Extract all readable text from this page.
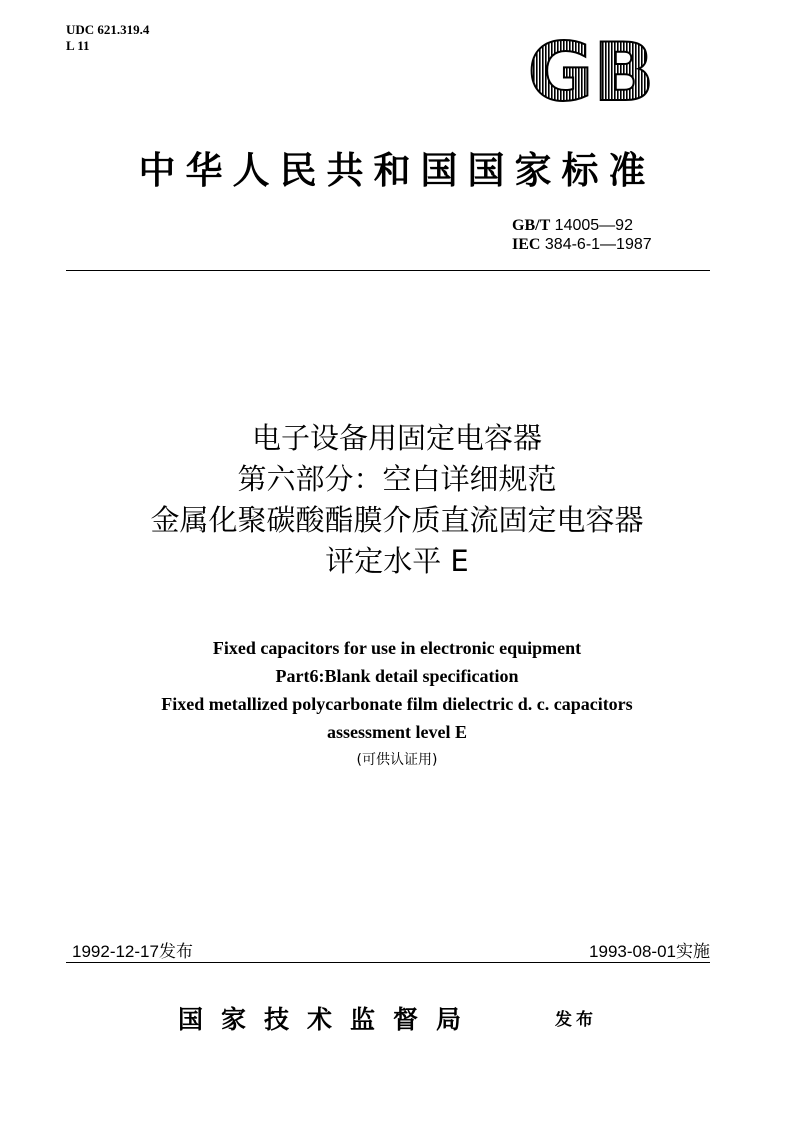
UDC 621.319.4
L 11	GB
中华人民共和国国家标准
GB/T 14005—92
IEC 384-6-1—1987
电子设备用固定电容器
第六部分：空白详细规范
金属化聚碳酸酯膜介质直流固定电容器
评定水平 E
Fixed capacitors for use in electronic equipment
Part6:Blank detail specification
Fixed metallized polycarbonate film dielectric d. c. capacitors
assessment level E
(可供认证用)
1992-12-17发布	1993-08-01实施
国家技术监督局	发布
